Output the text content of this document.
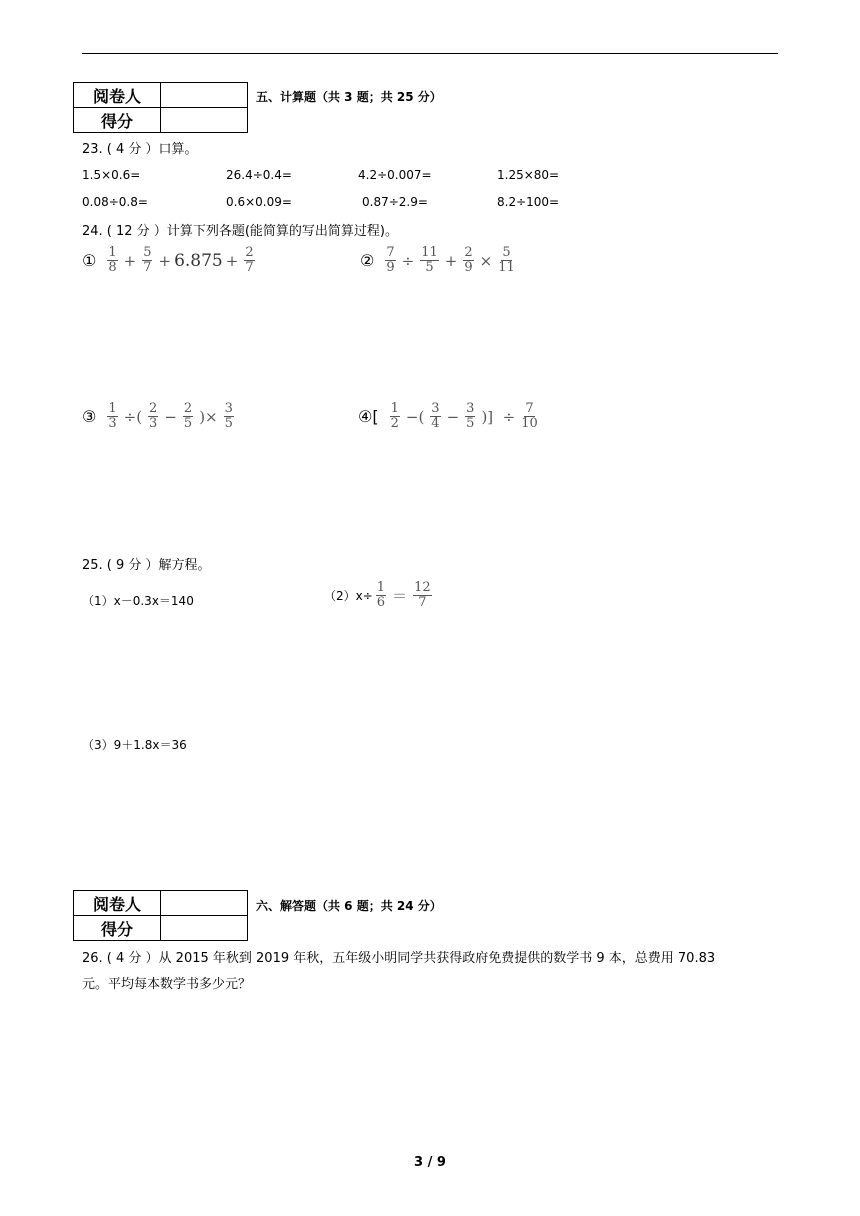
阅卷人	
得分	
五、计算题（共 3 题；共 25 分）
23. ( 4 分 ）口算。
1.5×0.6=	26.4÷0.4=	4.2÷0.007=	1.25×80=
0.08÷0.8=	0.6×0.09=	0.87÷2.9=	8.2÷100=
24. ( 12 分 ）计算下列各题(能简算的写出简算过程)。
① $\frac{1}{8} + \frac{5}{7} + 6.875 + \frac{2}{7}$	② $\frac{7}{9} \div \frac{11}{5} + \frac{2}{9} \times \frac{5}{11}$
③ $\frac{1}{3}$ ÷( $\frac{2}{3} - \frac{2}{5}$ )× $\frac{3}{5}$	④[ $\frac{1}{2}$ −( $\frac{3}{4} - \frac{3}{5}$ )]  ÷ $\frac{7}{10}$
25. ( 9 分 ）解方程。
（1）x－0.3x＝140	$(2)x\div \frac{1}{6} = \frac{12}{7}$
（3）9＋1.8x＝36
阅卷人	
得分	
六、解答题（共 6 题；共 24 分）
26. ( 4 分 ）从 2015 年秋到 2019 年秋，五年级小明同学共获得政府免费提供的数学书 9 本，总费用 70.83
元。平均每本数学书多少元？
3 / 9
